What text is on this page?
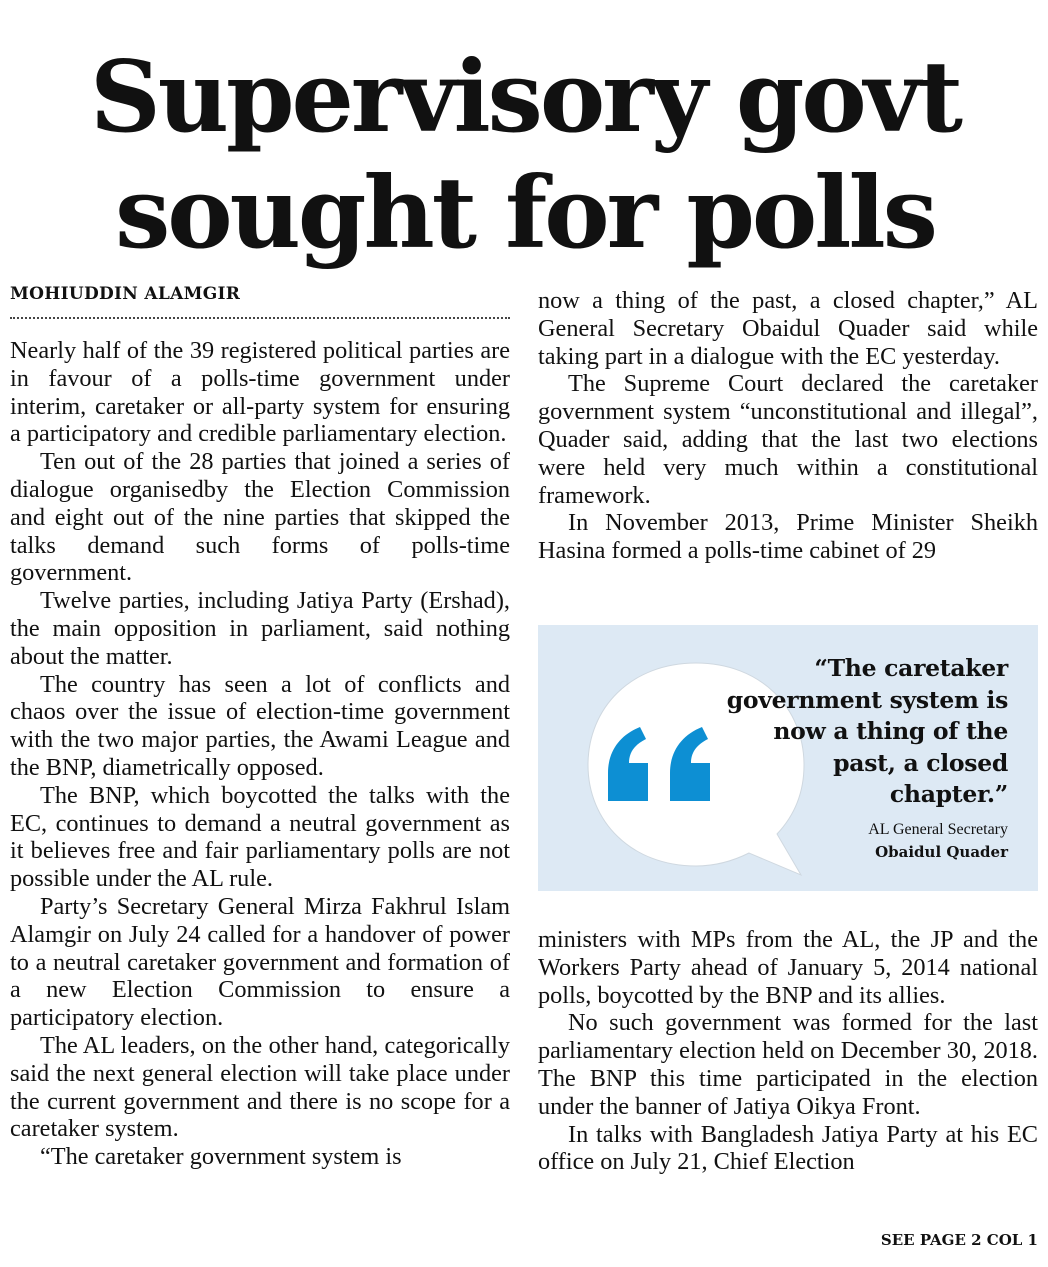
Supervisory govt sought for polls
MOHIUDDIN ALAMGIR

Nearly half of the 39 registered political parties are in favour of a polls-time government under interim, caretaker or all-party system for ensuring a participatory and credible parliamentary election.

Ten out of the 28 parties that joined a series of dialogue organisedby the Election Commission and eight out of the nine parties that skipped the talks demand such forms of polls-time government.

Twelve parties, including Jatiya Party (Ershad), the main opposition in parliament, said nothing about the matter.

The country has seen a lot of conflicts and chaos over the issue of election-time government with the two major parties, the Awami League and the BNP, diametrically opposed.

The BNP, which boycotted the talks with the EC, continues to demand a neutral government as it believes free and fair parliamentary polls are not possible under the AL rule.

Party’s Secretary General Mirza Fakhrul Islam Alamgir on July 24 called for a handover of power to a neutral caretaker government and formation of a new Election Commission to ensure a participatory election.

The AL leaders, on the other hand, categorically said the next general election will take place under the current government and there is no scope for a caretaker system.

“The caretaker government system is

now a thing of the past, a closed chapter,” AL General Secretary Obaidul Quader said while taking part in a dialogue with the EC yesterday.

The Supreme Court declared the caretaker government system “unconstitutional and illegal”, Quader said, adding that the last two elections were held very much within a constitutional framework.

In November 2013, Prime Minister Sheikh Hasina formed a polls-time cabinet of 29

“The caretaker government system is now a thing of the past, a closed chapter.”
AL General Secretary
Obaidul Quader

ministers with MPs from the AL, the JP and the Workers Party ahead of January 5, 2014 national polls, boycotted by the BNP and its allies.

No such government was formed for the last parliamentary election held on December 30, 2018. The BNP this time participated in the election under the banner of Jatiya Oikya Front.

In talks with Bangladesh Jatiya Party at his EC office on July 21, Chief Election

SEE PAGE 2 COL 1
